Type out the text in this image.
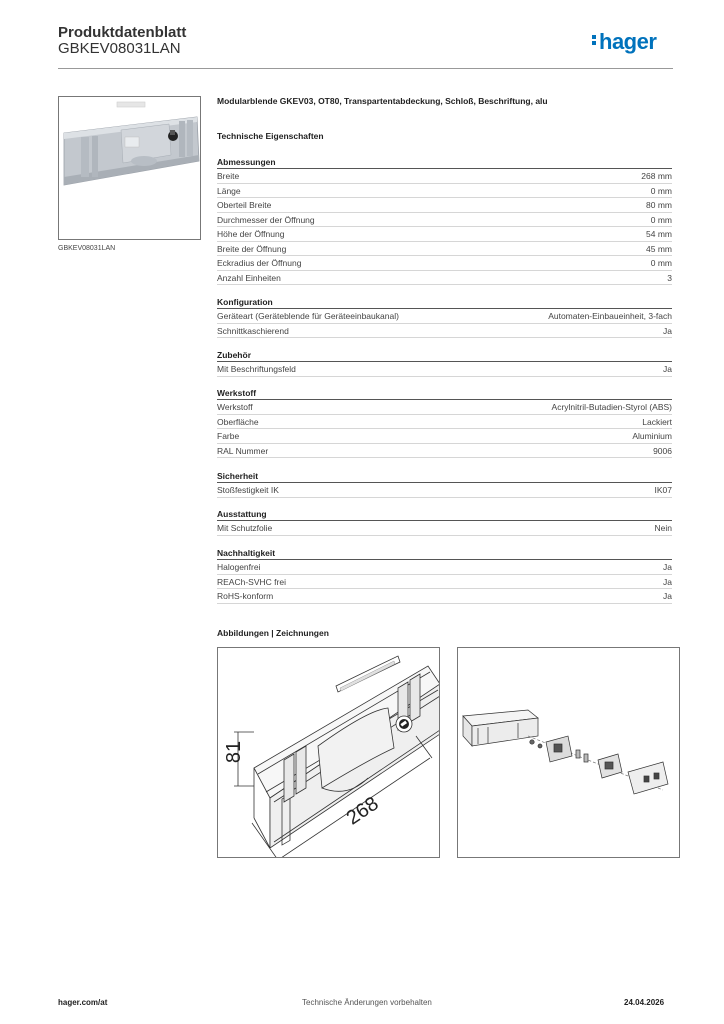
Produktdatenblatt
GBKEV08031LAN	hager
GBKEV08031LAN
Modularblende GKEV03, OT80, Transpartentabdeckung, Schloß, Beschriftung, alu
Technische Eigenschaften
Abmessungen
Breite	268 mm
Länge	0 mm
Oberteil Breite	80 mm
Durchmesser der Öffnung	0 mm
Höhe der Öffnung	54 mm
Breite der Öffnung	45 mm
Eckradius der Öffnung	0 mm
Anzahl Einheiten	3
Konfiguration
Geräteart (Geräteblende für Geräteeinbaukanal)	Automaten-Einbaueinheit, 3-fach
Schnittkaschierend	Ja
Zubehör
Mit Beschriftungsfeld	Ja
Werkstoff
Werkstoff	Acrylnitril-Butadien-Styrol (ABS)
Oberfläche	Lackiert
Farbe	Aluminium
RAL Nummer	9006
Sicherheit
Stoßfestigkeit IK	IK07
Ausstattung
Mit Schutzfolie	Nein
Nachhaltigkeit
Halogenfrei	Ja
REACh-SVHC frei	Ja
RoHS-konform	Ja
Abbildungen | Zeichnungen
81
268
hager.com/at	Technische Änderungen vorbehalten	24.04.2026
